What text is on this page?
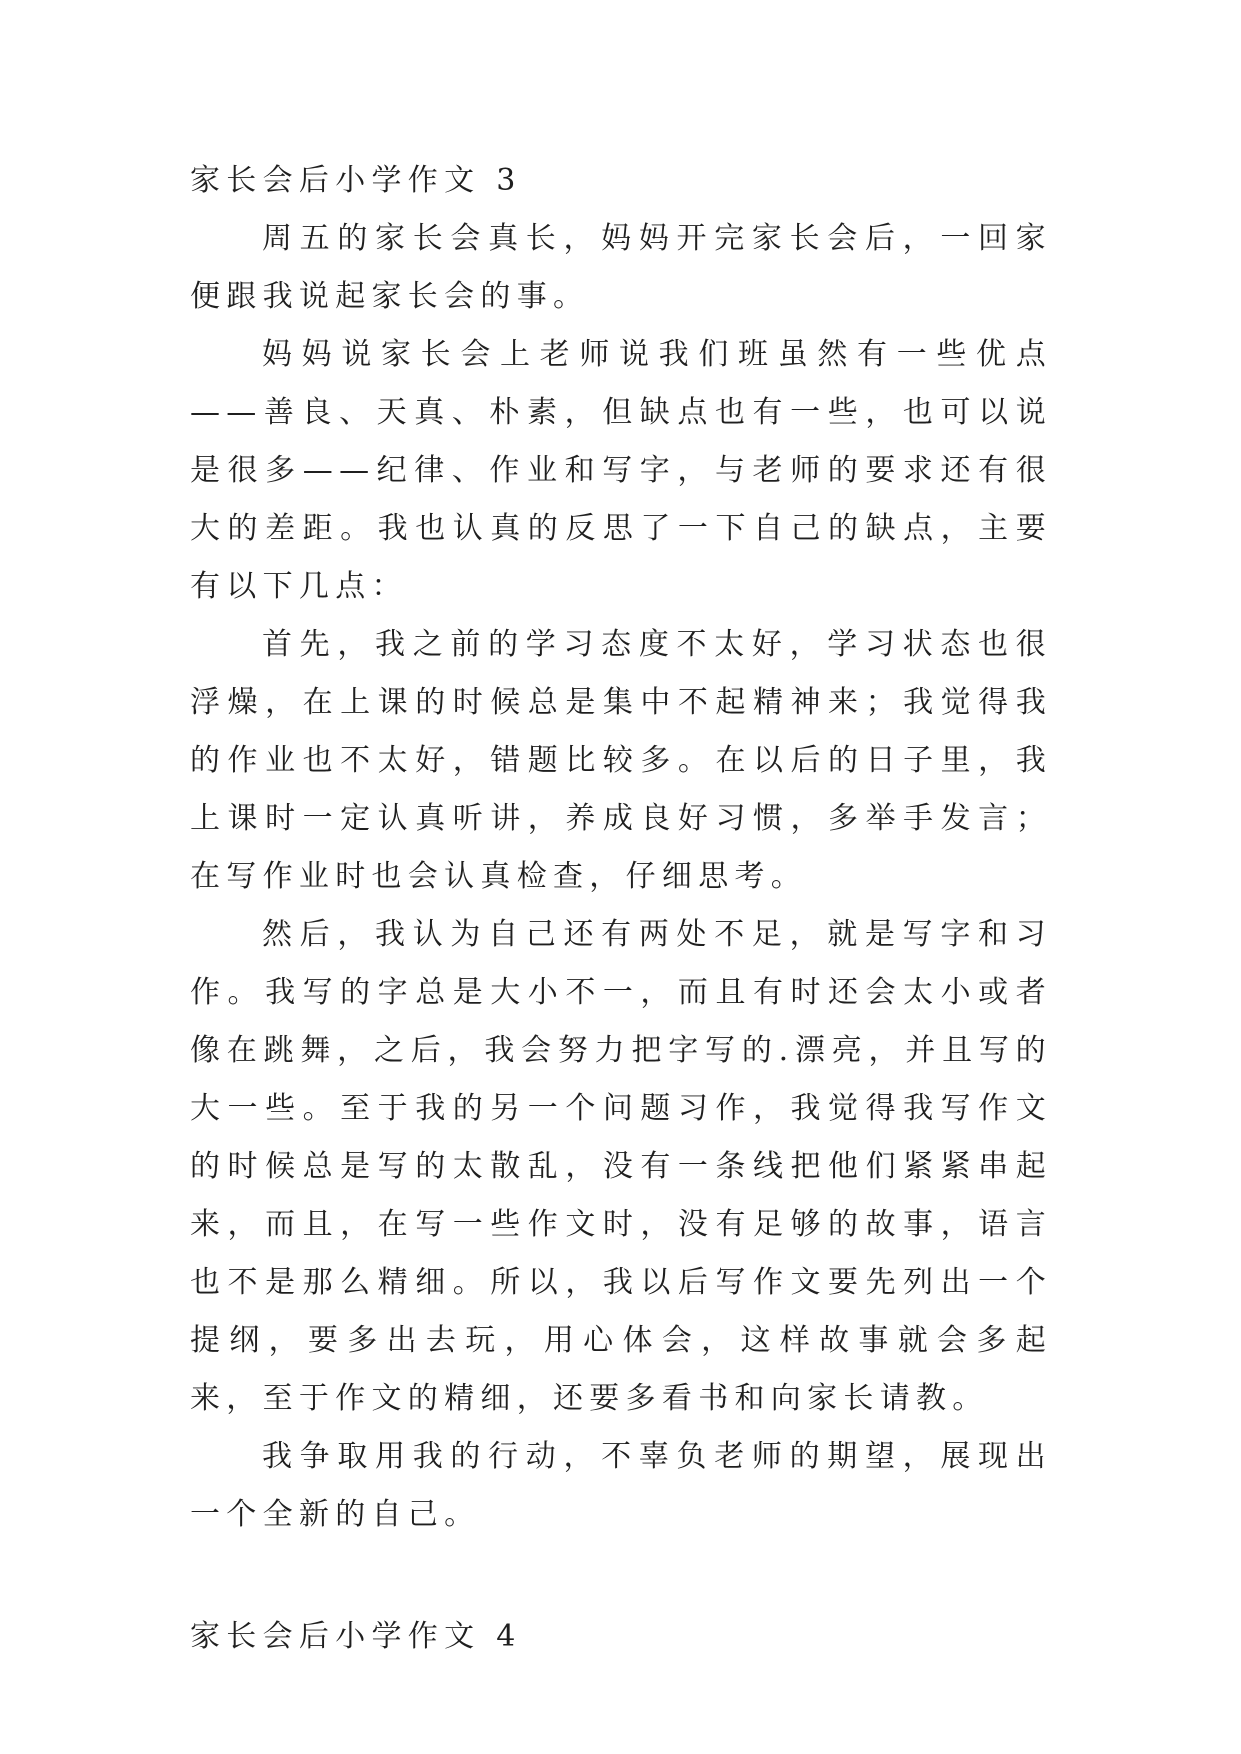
家长会后小学作文 3

周五的家长会真长，妈妈开完家长会后，一回家便跟我说起家长会的事。

妈妈说家长会上老师说我们班虽然有一些优点——善良、天真、朴素，但缺点也有一些，也可以说是很多——纪律、作业和写字，与老师的要求还有很大的差距。我也认真的反思了一下自己的缺点，主要有以下几点：

首先，我之前的学习态度不太好，学习状态也很浮燥，在上课的时候总是集中不起精神来；我觉得我的作业也不太好，错题比较多。在以后的日子里，我上课时一定认真听讲，养成良好习惯，多举手发言；在写作业时也会认真检查，仔细思考。

然后，我认为自己还有两处不足，就是写字和习作。我写的字总是大小不一，而且有时还会太小或者像在跳舞，之后，我会努力把字写的.漂亮，并且写的大一些。至于我的另一个问题习作，我觉得我写作文的时候总是写的太散乱，没有一条线把他们紧紧串起来，而且，在写一些作文时，没有足够的故事，语言也不是那么精细。所以，我以后写作文要先列出一个提纲，要多出去玩，用心体会，这样故事就会多起来，至于作文的精细，还要多看书和向家长请教。

我争取用我的行动，不辜负老师的期望，展现出一个全新的自己。

家长会后小学作文 4
